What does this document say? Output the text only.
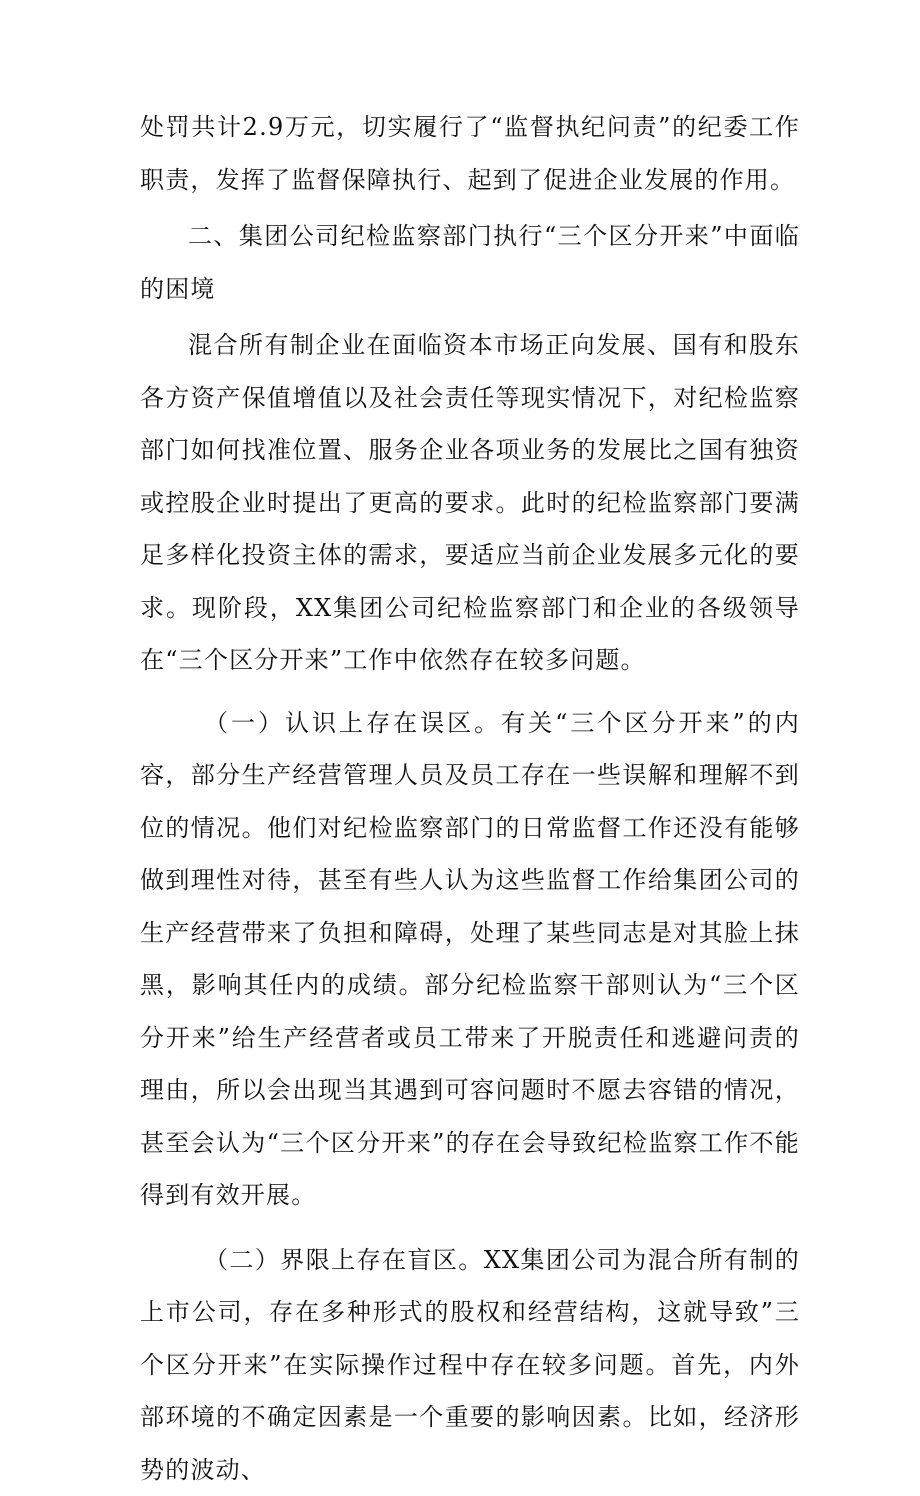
处罚共计2.9万元，切实履行了“监督执纪问责”的纪委工作职责，发挥了监督保障执行、起到了促进企业发展的作用。

二、集团公司纪检监察部门执行“三个区分开来”中面临的困境

混合所有制企业在面临资本市场正向发展、国有和股东各方资产保值增值以及社会责任等现实情况下，对纪检监察部门如何找准位置、服务企业各项业务的发展比之国有独资或控股企业时提出了更高的要求。此时的纪检监察部门要满足多样化投资主体的需求，要适应当前企业发展多元化的要求。现阶段，XX集团公司纪检监察部门和企业的各级领导在“三个区分开来”工作中依然存在较多问题。

（一）认识上存在误区。有关“三个区分开来”的内容，部分生产经营管理人员及员工存在一些误解和理解不到位的情况。他们对纪检监察部门的日常监督工作还没有能够做到理性对待，甚至有些人认为这些监督工作给集团公司的生产经营带来了负担和障碍，处理了某些同志是对其脸上抹黑，影响其任内的成绩。部分纪检监察干部则认为“三个区分开来”给生产经营者或员工带来了开脱责任和逃避问责的理由，所以会出现当其遇到可容问题时不愿去容错的情况，甚至会认为“三个区分开来”的存在会导致纪检监察工作不能得到有效开展。

（二）界限上存在盲区。XX集团公司为混合所有制的上市公司，存在多种形式的股权和经营结构，这就导致”三个区分开来”在实际操作过程中存在较多问题。首先，内外部环境的不确定因素是一个重要的影响因素。比如，经济形势的波动、
